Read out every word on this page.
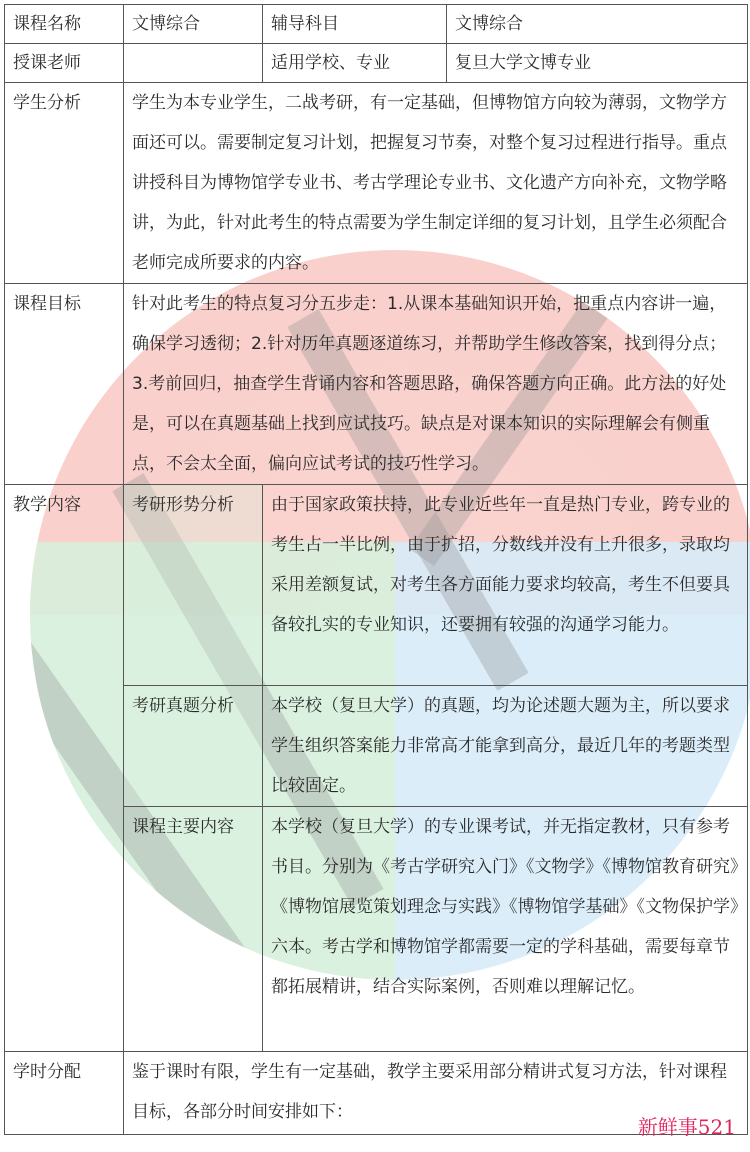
课程名称	文博综合	辅导科目	文博综合
授课老师		适用学校、专业	复旦大学文博专业
学生分析	学生为本专业学生，二战考研，有一定基础，但博物馆方向较为薄弱，文物学方面还可以。需要制定复习计划，把握复习节奏，对整个复习过程进行指导。重点讲授科目为博物馆学专业书、考古学理论专业书、文化遗产方向补充，文物学略讲，为此，针对此考生的特点需要为学生制定详细的复习计划，且学生必须配合老师完成所要求的内容。		
课程目标	针对此考生的特点复习分五步走：1.从课本基础知识开始，把重点内容讲一遍，确保学习透彻；2.针对历年真题逐道练习，并帮助学生修改答案，找到得分点；3.考前回归，抽查学生背诵内容和答题思路，确保答题方向正确。此方法的好处是，可以在真题基础上找到应试技巧。缺点是对课本知识的实际理解会有侧重点，不会太全面，偏向应试考试的技巧性学习。		
教学内容	考研形势分析	由于国家政策扶持，此专业近些年一直是热门专业，跨专业的考生占一半比例，由于扩招，分数线并没有上升很多，录取均采用差额复试，对考生各方面能力要求均较高，考生不但要具备较扎实的专业知识，还要拥有较强的沟通学习能力。	
	考研真题分析	本学校（复旦大学）的真题，均为论述题大题为主，所以要求学生组织答案能力非常高才能拿到高分，最近几年的考题类型比较固定。	
	课程主要内容	本学校（复旦大学）的专业课考试，并无指定教材，只有参考书目。分别为《考古学研究入门》《文物学》《博物馆教育研究》《博物馆展览策划理念与实践》《博物馆学基础》《文物保护学》六本。考古学和博物馆学都需要一定的学科基础，需要每章节都拓展精讲，结合实际案例，否则难以理解记忆。	
学时分配	鉴于课时有限，学生有一定基础，教学主要采用部分精讲式复习方法，针对课程目标，各部分时间安排如下：		
新鲜事521
